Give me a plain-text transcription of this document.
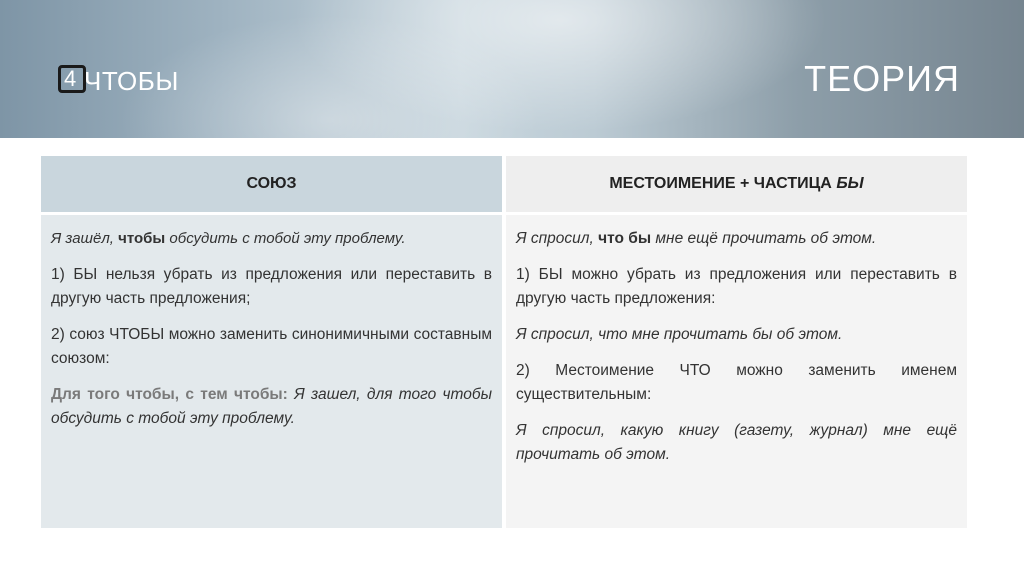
4 ЧТОБЫ	ТЕОРИЯ
СОЮЗ

Я зашёл, чтобы обсудить с тобой эту проблему.

1) БЫ нельзя убрать из предложения или переставить в другую часть предложения;

2) союз ЧТОБЫ можно заменить синонимичными составным союзом:

Для того чтобы, с тем чтобы: Я зашел, для того чтобы обсудить с тобой эту проблему.

МЕСТОИМЕНИЕ + ЧАСТИЦА
БЫ

Я спросил, что бы мне ещё прочитать об этом.

1) БЫ можно убрать из предложения или переставить в другую часть предложения:

Я спросил, что мне прочитать бы об этом.

2) Местоимение ЧТО можно заменить именем существительным:

Я спросил, какую книгу (газету, журнал) мне ещё прочитать об этом.
